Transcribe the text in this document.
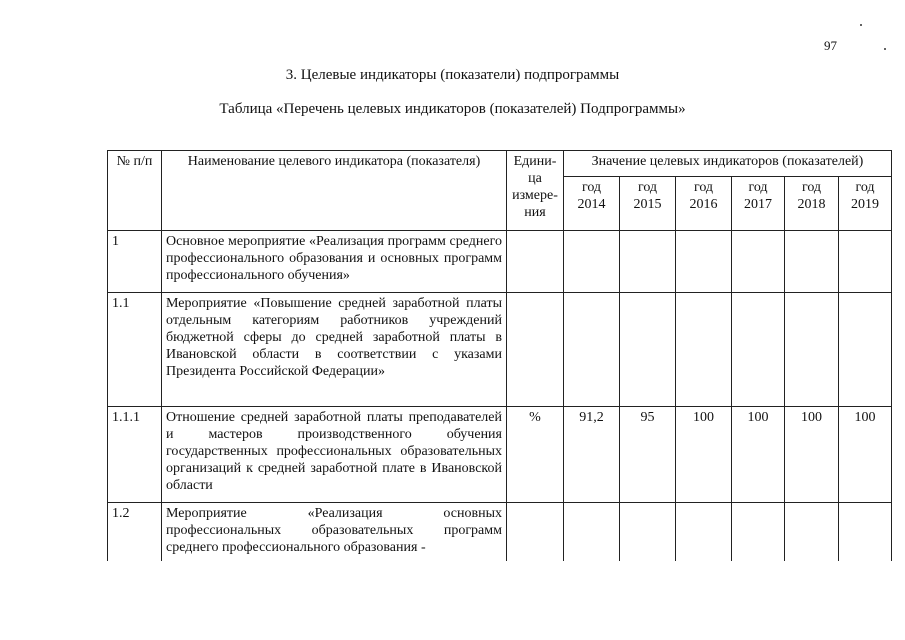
97
3. Целевые индикаторы (показатели) подпрограммы
Таблица «Перечень целевых индикаторов (показателей) Подпрограммы»
№ п/п	Наименование целевого индикатора (показателя)	Едини-ца измере-ния	Значение целевых индикаторов (показателей)					
			год 2014	год 2015	год 2016	год 2017	год 2018	год 2019
1	Основное мероприятие «Реализация программ среднего профессионального образования и основных программ профессионального обучения»							
1.1	Мероприятие «Повышение средней заработной платы отдельным категориям работников учреждений бюджетной сферы до средней заработной платы в Ивановской области в соответствии с указами Президента Российской Федерации»							
1.1.1	Отношение средней заработной платы преподавателей и мастеров производственного обучения государственных профессиональных образовательных организаций к средней заработной плате в Ивановской области	%	91,2	95	100	100	100	100
1.2	Мероприятие «Реализация основных профессиональных образовательных программ среднего профессионального образования -							
